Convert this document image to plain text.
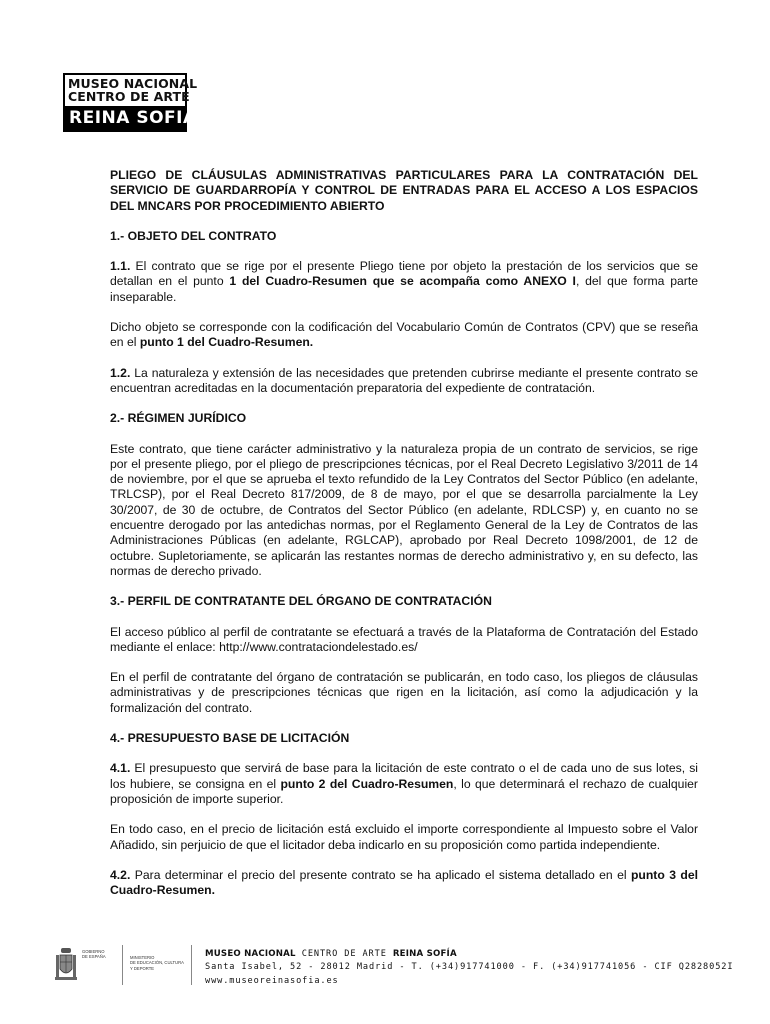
MUSEO NACIONAL
CENTRO DE ARTE
REINA SOFIA
PLIEGO DE CLÁUSULAS ADMINISTRATIVAS PARTICULARES PARA LA CONTRATACIÓN DEL SERVICIO DE GUARDARROPÍA Y CONTROL DE ENTRADAS PARA EL ACCESO A LOS ESPACIOS DEL MNCARS POR PROCEDIMIENTO ABIERTO
1.- OBJETO DEL CONTRATO
1.1. El contrato que se rige por el presente Pliego tiene por objeto la prestación de los servicios que se detallan en el punto 1 del Cuadro-Resumen que se acompaña como ANEXO I, del que forma parte inseparable.
Dicho objeto se corresponde con la codificación del Vocabulario Común de Contratos (CPV) que se reseña en el punto 1 del Cuadro-Resumen.
1.2. La naturaleza y extensión de las necesidades que pretenden cubrirse mediante el presente contrato se encuentran acreditadas en la documentación preparatoria del expediente de contratación.
2.- RÉGIMEN JURÍDICO
Este contrato, que tiene carácter administrativo y la naturaleza propia de un contrato de servicios, se rige por el presente pliego, por el pliego de prescripciones técnicas, por el Real Decreto Legislativo 3/2011 de 14 de noviembre, por el que se aprueba el texto refundido de la Ley Contratos del Sector Público (en adelante, TRLCSP), por el Real Decreto 817/2009, de 8 de mayo, por el que se desarrolla parcialmente la Ley 30/2007, de 30 de octubre, de Contratos del Sector Público (en adelante, RDLCSP) y, en cuanto no se encuentre derogado por las antedichas normas, por el Reglamento General de la Ley de Contratos de las Administraciones Públicas (en adelante, RGLCAP), aprobado por Real Decreto 1098/2001, de 12 de octubre. Supletoriamente, se aplicarán las restantes normas de derecho administrativo y, en su defecto, las normas de derecho privado.
3.- PERFIL DE CONTRATANTE DEL ÓRGANO DE CONTRATACIÓN
El acceso público al perfil de contratante se efectuará a través de la Plataforma de Contratación del Estado mediante el enlace: http://www.contrataciondelestado.es/
En el perfil de contratante del órgano de contratación se publicarán, en todo caso, los pliegos de cláusulas administrativas y de prescripciones técnicas que rigen en la licitación, así como la adjudicación y la formalización del contrato.
4.- PRESUPUESTO BASE DE LICITACIÓN
4.1. El presupuesto que servirá de base para la licitación de este contrato o el de cada uno de sus lotes, si los hubiere, se consigna en el punto 2 del Cuadro-Resumen, lo que determinará el rechazo de cualquier proposición de importe superior.
En todo caso, en el precio de licitación está excluido el importe correspondiente al Impuesto sobre el Valor Añadido, sin perjuicio de que el licitador deba indicarlo en su proposición como partida independiente.
4.2. Para determinar el precio del presente contrato se ha aplicado el sistema detallado en el punto 3 del Cuadro-Resumen.
GOBIERNO
DE ESPAÑA	MINISTERIO
DE EDUCACIÓN, CULTURA
Y DEPORTE
MUSEO NACIONAL CENTRO DE ARTE REINA SOFÍA
Santa Isabel, 52 - 28012 Madrid - T. (+34)917741000 - F. (+34)917741056 - CIF Q2828052I
www.museoreinasofia.es
